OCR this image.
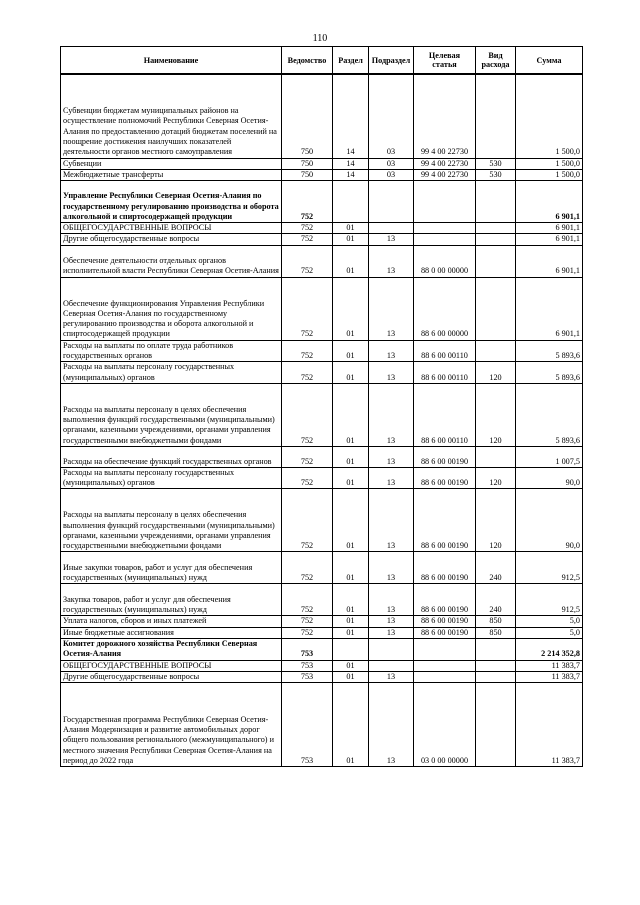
110
Наименование	Ведомство	Раздел	Подраздел	Целевая статья	Вид расхода	Сумма
Субвенции бюджетам муниципальных районов на осуществление полномочий Республики Северная Осетия-Алания по предоставлению дотаций бюджетам поселений на поощрение достижения наилучших показателей деятельности органов местного самоуправления	750	14	03	99 4 00 22730		1 500,0
Субвенции	750	14	03	99 4 00 22730	530	1 500,0
Межбюджетные трансферты	750	14	03	99 4 00 22730	530	1 500,0
Управление Республики Северная Осетия-Алания по государственному регулированию производства и оборота алкогольной и спиртосодержащей продукции	752					6 901,1
ОБЩЕГОСУДАРСТВЕННЫЕ ВОПРОСЫ	752	01				6 901,1
Другие общегосударственные вопросы	752	01	13			6 901,1
Обеспечение деятельности отдельных органов исполнительной власти Республики Северная Осетия-Алания	752	01	13	88 0 00 00000		6 901,1
Обеспечение функционирования Управления Республики Северная Осетия-Алания по государственному регулированию производства и оборота алкогольной и спиртосодержащей продукции	752	01	13	88 6 00 00000		6 901,1
Расходы на выплаты по оплате труда работников государственных органов	752	01	13	88 6 00 00110		5 893,6
Расходы на выплаты персоналу государственных (муниципальных) органов	752	01	13	88 6 00 00110	120	5 893,6
Расходы на выплаты персоналу в целях обеспечения выполнения функций государственными (муниципальными) органами, казенными учреждениями, органами управления государственными внебюджетными фондами	752	01	13	88 6 00 00110	120	5 893,6
Расходы на обеспечение функций государственных органов	752	01	13	88 6 00 00190		1 007,5
Расходы на выплаты персоналу государственных (муниципальных) органов	752	01	13	88 6 00 00190	120	90,0
Расходы на выплаты персоналу в целях обеспечения выполнения функций государственными (муниципальными) органами, казенными учреждениями, органами управления государственными внебюджетными фондами	752	01	13	88 6 00 00190	120	90,0
Иные закупки товаров, работ и услуг для обеспечения государственных (муниципальных) нужд	752	01	13	88 6 00 00190	240	912,5
Закупка товаров, работ и услуг для обеспечения государственных (муниципальных) нужд	752	01	13	88 6 00 00190	240	912,5
Уплата налогов, сборов и иных платежей	752	01	13	88 6 00 00190	850	5,0
Иные бюджетные ассигнования	752	01	13	88 6 00 00190	850	5,0
Комитет дорожного хозяйства Республики Северная Осетия-Алания	753					2 214 352,8
ОБЩЕГОСУДАРСТВЕННЫЕ ВОПРОСЫ	753	01				11 383,7
Другие общегосударственные вопросы	753	01	13			11 383,7
Государственная программа Республики Северная Осетия-Алания Модернизация и развитие автомобильных дорог общего пользования регионального (межмуниципального) и местного значения Республики Северная Осетия-Алания на период до 2022 года	753	01	13	03 0 00 00000		11 383,7
